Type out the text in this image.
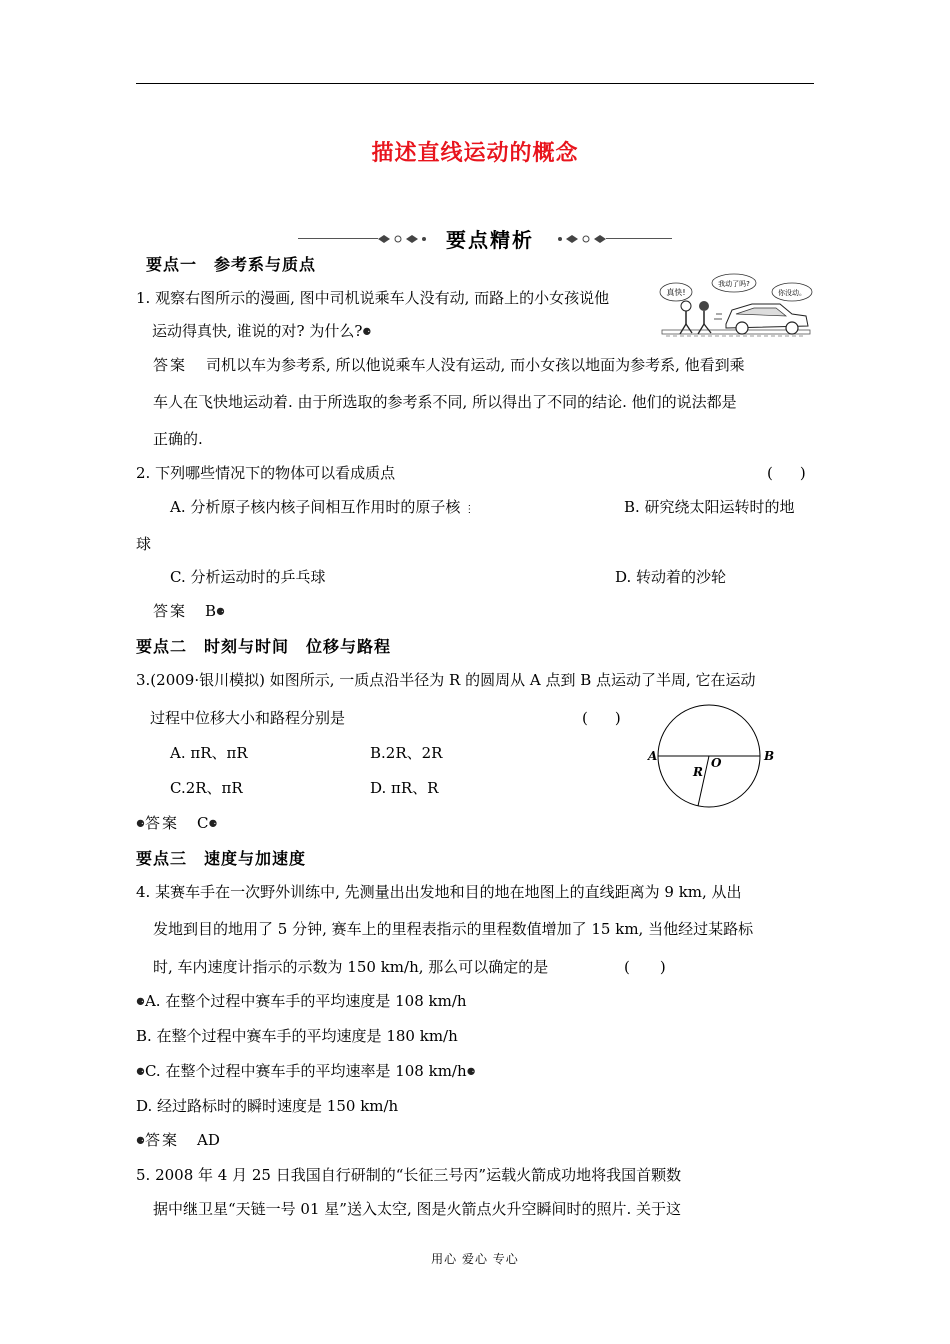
描述直线运动的概念
要点精析
要点一　参考系与质点
1. 观察右图所示的漫画, 图中司机说乘车人没有动, 而路上的小女孩说他
运动得真快, 谁说的对? 为什么?⚈
真快!
我动了吗?
你没动。
答案 司机以车为参考系, 所以他说乘车人没有运动, 而小女孩以地面为参考系, 他看到乘
车人在飞快地运动着. 由于所选取的参考系不同, 所以得出了不同的结论. 他们的说法都是
正确的.
2. 下列哪些情况下的物体可以看成质点	(　)
A. 分析原子核内核子间相互作用时的原子核 ⋮	B. 研究绕太阳运转时的地
球
C. 分析运动时的乒乓球	D. 转动着的沙轮
答案 B⚈
要点二　时刻与时间　位移与路程
3.(2009·银川模拟) 如图所示, 一质点沿半径为 R 的圆周从 A 点到 B 点运动了半周, 它在运动
过程中位移大小和路程分别是	(　)
A. πR、πR	B.2R、2R
C.2R、πR	D. πR、R
A	B
O
R
⚈答案 C⚈
要点三　速度与加速度
4. 某赛车手在一次野外训练中, 先测量出出发地和目的地在地图上的直线距离为 9 km, 从出
发地到目的地用了 5 分钟, 赛车上的里程表指示的里程数值增加了 15 km, 当他经过某路标
时, 车内速度计指示的示数为 150 km/h, 那么可以确定的是	(　　)
⚈A. 在整个过程中赛车手的平均速度是 108 km/h
B. 在整个过程中赛车手的平均速度是 180 km/h
⚈C. 在整个过程中赛车手的平均速率是 108 km/h⚈
D. 经过路标时的瞬时速度是 150 km/h
⚈答案 AD
5. 2008 年 4 月 25 日我国自行研制的“长征三号丙”运载火箭成功地将我国首颗数
据中继卫星“天链一号 01 星”送入太空, 图是火箭点火升空瞬间时的照片. 关于这
用心 爱心 专心
